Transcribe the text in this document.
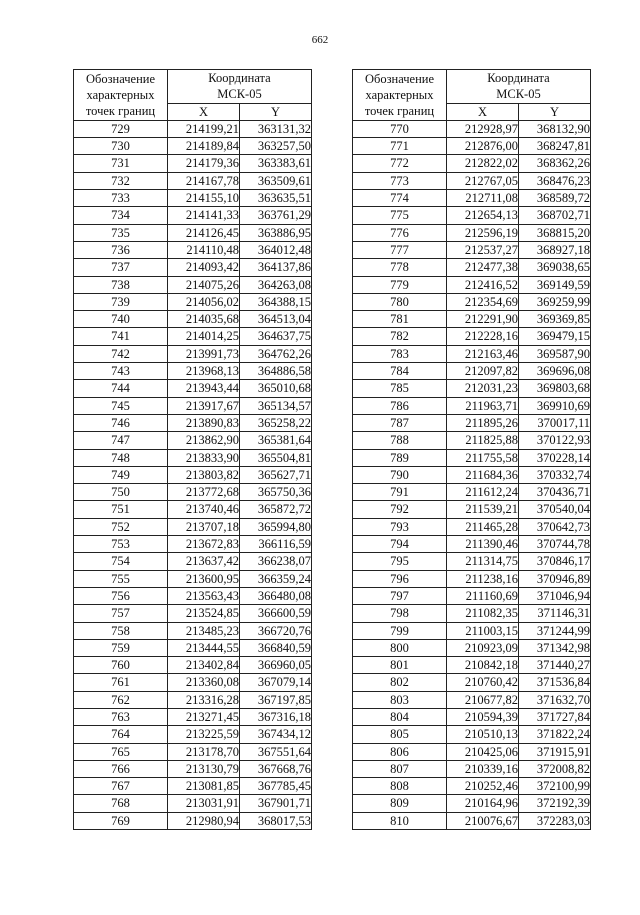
662
Обозначение
характерных
точек границ	Координата
МСК-05	
	X	Y
729	214199,21	363131,32
730	214189,84	363257,50
731	214179,36	363383,61
732	214167,78	363509,61
733	214155,10	363635,51
734	214141,33	363761,29
735	214126,45	363886,95
736	214110,48	364012,48
737	214093,42	364137,86
738	214075,26	364263,08
739	214056,02	364388,15
740	214035,68	364513,04
741	214014,25	364637,75
742	213991,73	364762,26
743	213968,13	364886,58
744	213943,44	365010,68
745	213917,67	365134,57
746	213890,83	365258,22
747	213862,90	365381,64
748	213833,90	365504,81
749	213803,82	365627,71
750	213772,68	365750,36
751	213740,46	365872,72
752	213707,18	365994,80
753	213672,83	366116,59
754	213637,42	366238,07
755	213600,95	366359,24
756	213563,43	366480,08
757	213524,85	366600,59
758	213485,23	366720,76
759	213444,55	366840,59
760	213402,84	366960,05
761	213360,08	367079,14
762	213316,28	367197,85
763	213271,45	367316,18
764	213225,59	367434,12
765	213178,70	367551,64
766	213130,79	367668,76
767	213081,85	367785,45
768	213031,91	367901,71
769	212980,94	368017,53
Обозначение
характерных
точек границ	Координата
МСК-05	
	X	Y
770	212928,97	368132,90
771	212876,00	368247,81
772	212822,02	368362,26
773	212767,05	368476,23
774	212711,08	368589,72
775	212654,13	368702,71
776	212596,19	368815,20
777	212537,27	368927,18
778	212477,38	369038,65
779	212416,52	369149,59
780	212354,69	369259,99
781	212291,90	369369,85
782	212228,16	369479,15
783	212163,46	369587,90
784	212097,82	369696,08
785	212031,23	369803,68
786	211963,71	369910,69
787	211895,26	370017,11
788	211825,88	370122,93
789	211755,58	370228,14
790	211684,36	370332,74
791	211612,24	370436,71
792	211539,21	370540,04
793	211465,28	370642,73
794	211390,46	370744,78
795	211314,75	370846,17
796	211238,16	370946,89
797	211160,69	371046,94
798	211082,35	371146,31
799	211003,15	371244,99
800	210923,09	371342,98
801	210842,18	371440,27
802	210760,42	371536,84
803	210677,82	371632,70
804	210594,39	371727,84
805	210510,13	371822,24
806	210425,06	371915,91
807	210339,16	372008,82
808	210252,46	372100,99
809	210164,96	372192,39
810	210076,67	372283,03
